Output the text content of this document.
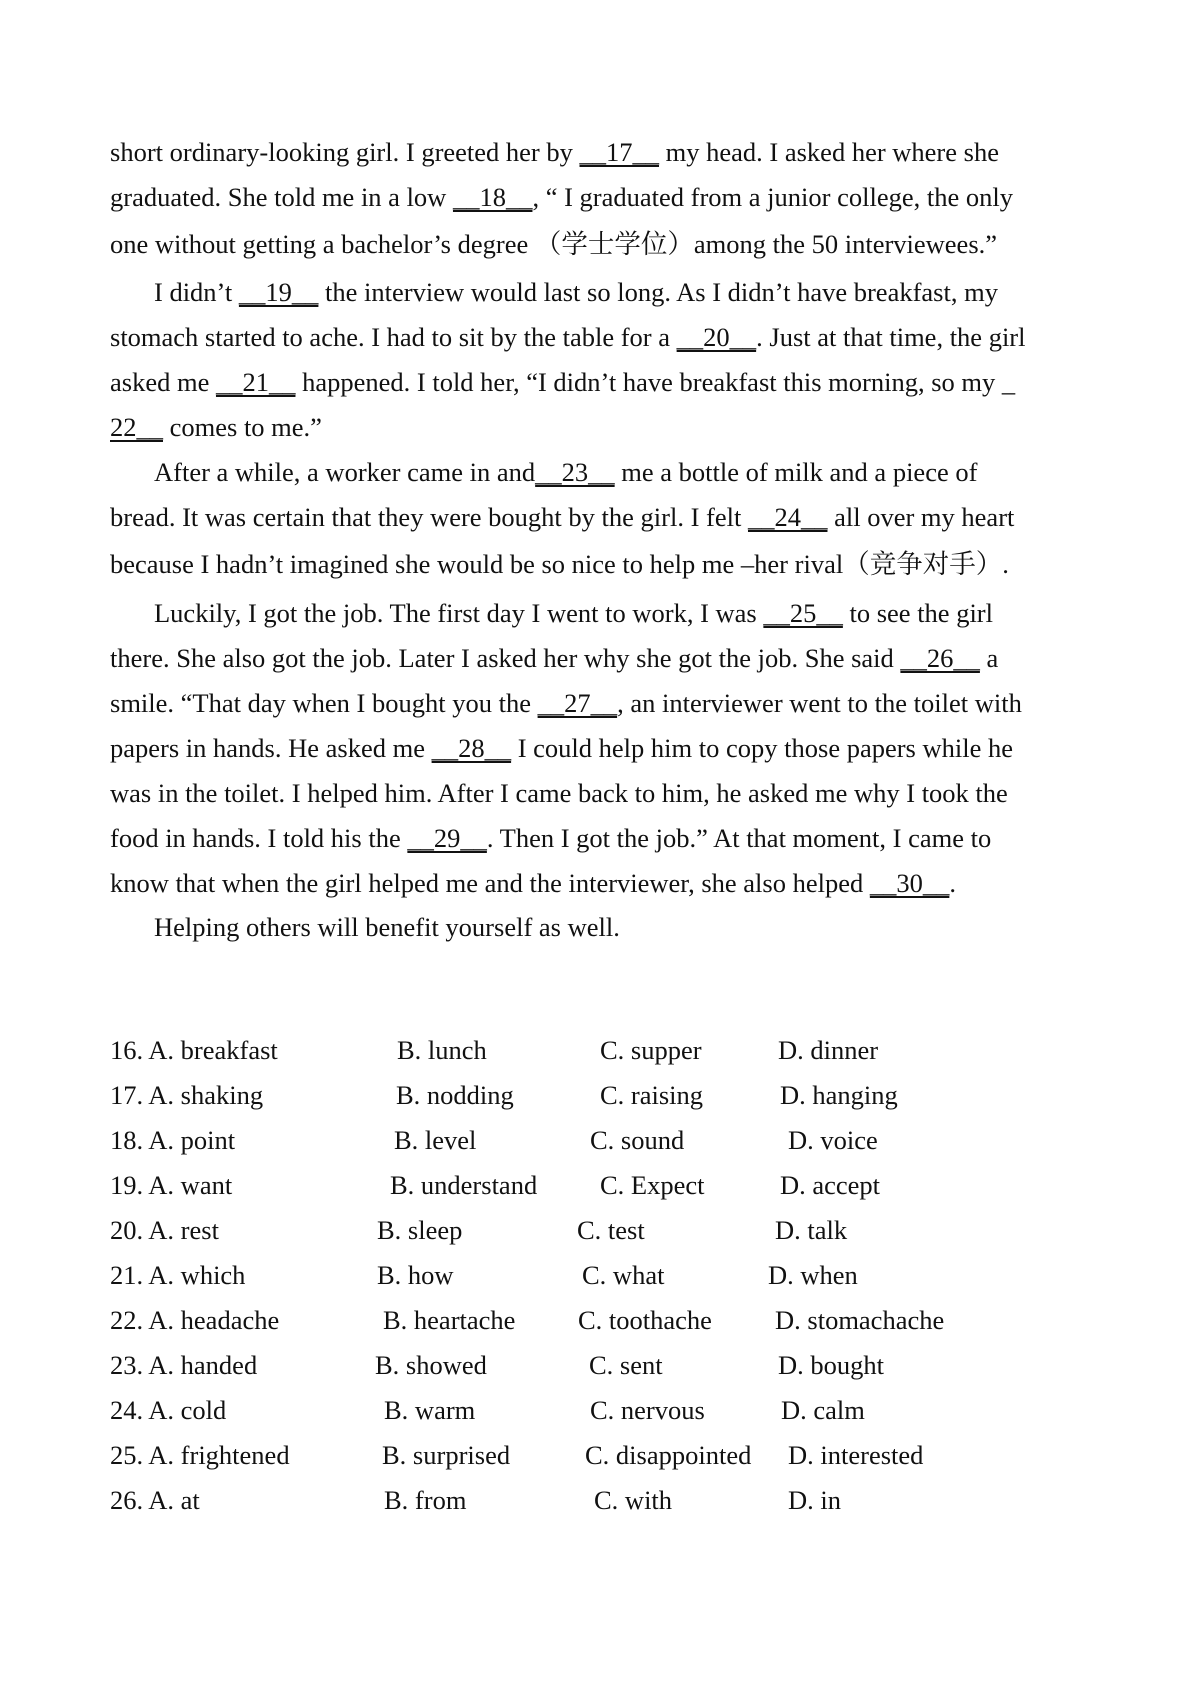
short ordinary-looking girl. I greeted her by __17__ my head. I asked her where she
graduated. She told me in a low __18__, “ I graduated from a junior college, the only
one without getting a bachelor’s degree （学士学位）among the 50 interviewees.”
I didn’t __19__ the interview would last so long. As I didn’t have breakfast, my
stomach started to ache. I had to sit by the table for a __20__. Just at that time, the girl
asked me __21__ happened. I told her, “I didn’t have breakfast this morning, so my _
22__ comes to me.”
After a while, a worker came in and__23__ me a bottle of milk and a piece of
bread. It was certain that they were bought by the girl. I felt __24__ all over my heart
because I hadn’t imagined she would be so nice to help me –her rival（竞争对手）.
Luckily, I got the job. The first day I went to work, I was __25__ to see the girl
there. She also got the job. Later I asked her why she got the job. She said __26__ a
smile. “That day when I bought you the __27__, an interviewer went to the toilet with
papers in hands. He asked me __28__ I could help him to copy those papers while he
was in the toilet. I helped him. After I came back to him, he asked me why I took the
food in hands. I told his the __29__. Then I got the job.” At that moment, I came to
know that when the girl helped me and the interviewer, she also helped __30__.
Helping others will benefit yourself as well.
16. A. breakfast	B. lunch	C. supper	D. dinner
17. A. shaking	B. nodding	C. raising	D. hanging
18. A. point	B. level	C. sound	D. voice
19. A. want	B. understand C. Expect	D. accept
20. A. rest	B. sleep	C. test	D. talk
21. A. which	B. how	C. what	D. when
22. A. headache	B. heartache C. toothache D. stomachache
23. A. handed	B. showed	C. sent	D. bought
24. A. cold	B. warm	C. nervous	D. calm
25. A. frightened	B. surprised	C. disappointed D. interested
26. A. at	B. from	C. with	D. in
